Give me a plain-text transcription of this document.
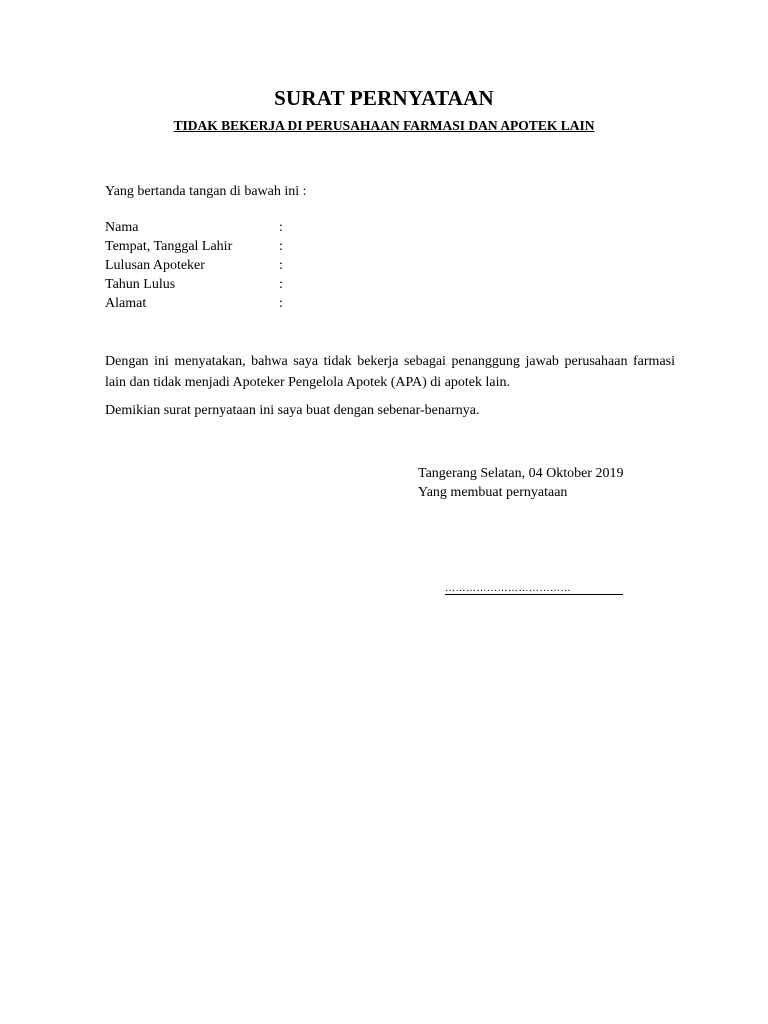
SURAT PERNYATAAN
TIDAK BEKERJA DI PERUSAHAAN FARMASI DAN APOTEK LAIN
Yang bertanda tangan di bawah ini :
Nama	:
Tempat, Tanggal Lahir	:
Lulusan Apoteker	:
Tahun Lulus	:
Alamat	:
Dengan ini menyatakan, bahwa saya tidak bekerja sebagai penanggung jawab perusahaan farmasi lain dan tidak menjadi Apoteker Pengelola Apotek (APA) di apotek lain.
Demikian surat pernyataan ini saya buat dengan sebenar-benarnya.
Tangerang Selatan, 04 Oktober 2019
Yang membuat pernyataan
………………………………
